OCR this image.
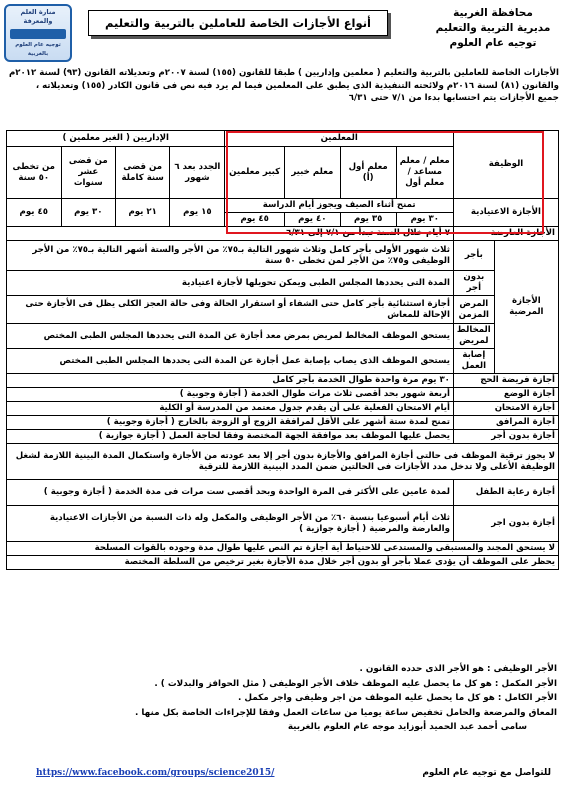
محافظة الغربية
مديرية التربية والتعليم
توجيه عام العلوم
أنواع الأجازات الخاصة للعاملين بالتربية والتعليم
منارة العلم والمعرفة
توجيه عام العلوم بالغربية
الأجازات الخاصة للعاملين بالتربية والتعليم ( معلمين وإداريين ) طبقا للقانون (١٥٥) لسنة ٢٠٠٧م وتعديلاته القانون (٩٣) لسنة ٢٠١٢م
والقانون (٨١) لسنة ٢٠١٦م ولائحته التنفيذية الذى يطبق على المعلمين فيما لم يرد فيه نص فى قانون الكادر (١٥٥) وتعديلاته ،
جميع الأجازات يتم احتسابها بدءا من ٧/١ حتى ٦/٣١
الوظيفة		المعلمين				الإداريين ( الغير معلمين )			
		معلم / معلم مساعد / معلم أول	معلم أول (أ)	معلم خبير	كبير معلمين	الجدد بعد ٦ شهور	من قضى سنة كاملة	من قضى عشر سنوات	من تخطى ٥٠ سنة
الأجازة الاعتيادية		تمنح أثناء الصيف ويجوز أيام الدراسة				١٥ يوم	٢١ يوم	٣٠ يوم	٤٥ يوم
		٣٠ يوم	٣٥ يوم	٤٠ يوم	٤٥ يوم				
الأجازة العارضة		٧ أيام خلال السنة تبدأ من ٧/١ إلى ٦/٣١							
الأجازة المرضية	بأجر	ثلاث شهور الأولى بأجر كامل وثلاث شهور التالية بـ٧٥٪ من الأجر والستة أشهر التالية بـ٧٥٪ من الأجر الوظيفى و٧٥٪ من الأجر لمن تخطى ٥٠ سنة							
	بدون أجر	المدة التى يحددها المجلس الطبى ويمكن تحويلها لأجازة اعتيادية							
	المرض المزمن	أجازة استثنائية بأجر كامل حتى الشفاء أو استقرار الحالة وفى حالة العجز الكلى يظل فى الأجازة حتى الإحالة للمعاش							
	المخالط لمريض	يستحق الموظف المخالط لمريض بمرض معد أجازة عن المدة التى يحددها المجلس الطبى المختص							
	إصابة العمل	يستحق الموظف الذى يصاب بإصابة عمل أجازة عن المدة التى يحددها المجلس الطبى المختص							
أجازة فريضة الحج		٣٠ يوم مرة واحدة طوال الخدمة بأجر كامل							
أجازة الوضع		أربعة شهور بحد أقصى ثلاث مرات طوال الخدمة ( أجازة وجوبية )							
أجازة الامتحان		أيام الامتحان الفعلية على أن يقدم جدول معتمد من المدرسة أو الكلية							
أجازة المرافق		تمنح لمدة ستة أشهر على الأقل لمرافقة الزوج أو الزوجة بالخارج ( أجازة وجوبية )							
أجازة بدون أجر		يحصل عليها الموظف بعد موافقة الجهة المختصة وفقا لحاجة العمل ( أجازة جوازية )							
لا يجوز ترقية الموظف فى حالتى أجازة المرافق والأجازة بدون أجر إلا بعد عودته من الأجازة واستكمال المدة البينية اللازمة لشغل الوظيفة الأعلى ولا تدخل مدد الأجازات فى الحالتين ضمن المدد البينية اللازمة للترقية									
أجازة رعاية الطفل		لمدة عامين على الأكثر فى المرة الواحدة وبحد أقصى ست مرات فى مدة الخدمة ( أجازة وجوبية )							
أجازة بدون اجر		ثلاث أيام أسبوعيا بنسبة ٦٠٪ من الأجر الوظيفى والمكمل وله ذات النسبة من الأجازات الاعتيادية والعارضة والمرضية ( أجازة جوازية )							
لا يستحق المجند والمستبقى والمستدعى للاحتياط أية أجازة تم النص عليها طوال مدة وجوده بالقوات المسلحة									
يحظر على الموظف أن يؤدى عملا بأجر أو بدون أجر خلال مدة الأجازة بغير ترخيص من السلطة المختصة									
الأجر الوظيفى : هو الأجر الذى حدده القانون .
الأجر المكمل : هو كل ما يحصل عليه الموظف خلاف الأجر الوظيفى ( مثل الحوافز والبدلات ) .
الأجر الكامل : هو كل ما يحصل عليه الموظف من اجر وظيفى واجر مكمل .
المعاق والمرضعة والحامل تخفيض ساعة يوميا من ساعات العمل وفقا للإجراءات الخاصة بكل منها .
سامى أحمد عبد الحميد أبوزايد موجه عام العلوم بالغربية
للتواصل مع توجيه عام العلوم
https://www.facebook.com/groups/science2015/
